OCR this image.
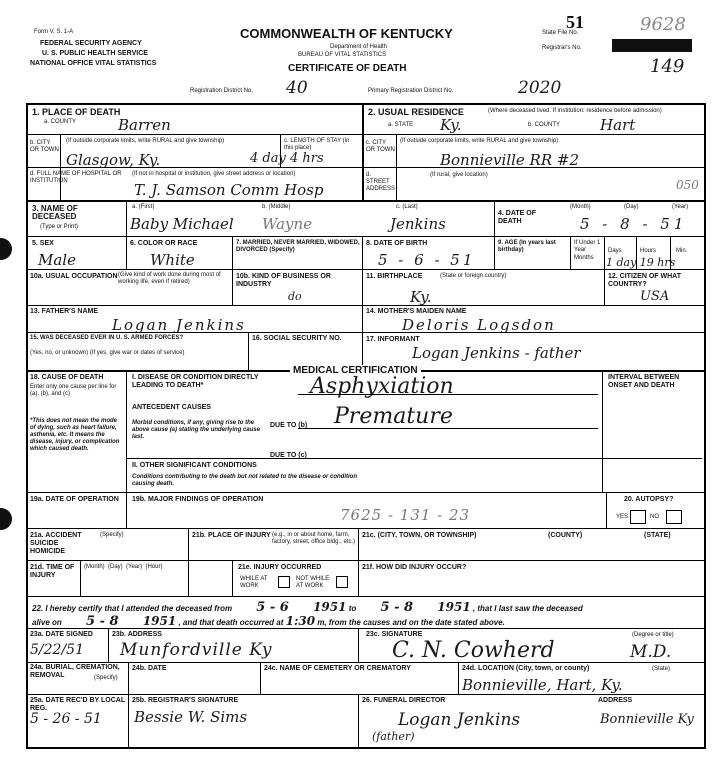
Form V. S. 1-A
FEDERAL SECURITY AGENCY
U. S. PUBLIC HEALTH SERVICE
NATIONAL OFFICE VITAL STATISTICS
COMMONWEALTH OF KENTUCKY
Department of Health
BUREAU OF VITAL STATISTICS
CERTIFICATE OF DEATH
51
State File No.	9628
Registrar's No.
149
Registration District No. 40	Primary Registration District No.	2020
1. PLACE OF DEATH
a. COUNTY	Barren
b. CITY OR TOWN
(If outside corporate limits, write RURAL and give township)
Glasgow, Ky.
c. LENGTH OF STAY (in this place)
4 day 4 hrs
d. FULL NAME OF HOSPITAL OR INSTITUTION
(If not in hospital or institution, give street address or location)
T. J. Samson Comm Hosp
2. USUAL RESIDENCE	(Where deceased lived. If institution: residence before admission)
a. STATE Ky.	b. COUNTY	Hart
c. CITY OR TOWN
(If outside corporate limits, write RURAL and give township)
Bonnieville RR #2
d. STREET ADDRESS
(If rural, give location)
050
3. NAME OF DECEASED
(Type or Print)
a. (First)	b. (Middle)	c. (Last)
Baby Michael Wayne	Jenkins
4. DATE OF DEATH
(Month)	(Day)	(Year)
5 - 8 - 51
5. SEX
Male
6. COLOR OR RACE
White
7. MARRIED, NEVER MARRIED, WIDOWED, DIVORCED (Specify)
8. DATE OF BIRTH
5 - 6 - 51
9. AGE (In years last birthday)
If Under 1 Year
Months
Days	Hours	Min.
1 day 19 hrs
10a. USUAL OCCUPATION (Give kind of work done during most of working life, even if retired)
10b. KIND OF BUSINESS OR INDUSTRY
do
11. BIRTHPLACE	(State or foreign country)
Ky.
12. CITIZEN OF WHAT COUNTRY?
USA
13. FATHER'S NAME
Logan Jenkins
14. MOTHER'S MAIDEN NAME
Deloris Logsdon
15. WAS DECEASED EVER IN U. S. ARMED FORCES?
(Yes, no, or unknown) (If yes, give war or dates of service)
16. SOCIAL SECURITY NO.	17. INFORMANT
Logan Jenkins - father
MEDICAL CERTIFICATION
18. CAUSE OF DEATH
Enter only one cause per line for (a), (b), and (c)
*This does not mean the mode of dying, such as heart failure, asthenia, etc. It means the disease, injury, or complication which caused death.
I. DISEASE OR CONDITION DIRECTLY LEADING TO DEATH*	Asphyxiation
ANTECEDENT CAUSES
Morbid conditions, if any, giving rise to the above cause (a) stating the underlying cause last.
DUE TO (b) Premature
DUE TO (c)
II. OTHER SIGNIFICANT CONDITIONS
Conditions contributing to the death but not related to the disease or condition causing death.
INTERVAL BETWEEN ONSET AND DEATH
19a. DATE OF OPERATION	19b. MAJOR FINDINGS OF OPERATION
7625 - 131 - 23
20. AUTOPSY?
YES	NO
21a. ACCIDENT SUICIDE HOMICIDE
(Specify)	21b. PLACE OF INJURY (e.g., in or about home, farm, factory, street, office bldg., etc.)
21c. (CITY, TOWN, OR TOWNSHIP)	(COUNTY)	(STATE)
21d. TIME OF INJURY
(Month)  (Day)  (Year)  (Hour)	21e. INJURY OCCURRED
WHILE AT WORK
NOT WHILE AT WORK
21f. HOW DID INJURY OCCUR?
22. I hereby certify that I attended the deceased from 5 - 6 1951 to 5 - 8 1951 , that I last saw the deceased
alive on 5 - 8 1951 , and that death occurred at 1:30 m, from the causes and on the date stated above.
23a. DATE SIGNED
5/22/51
23b. ADDRESS
Munfordville Ky
23c. SIGNATURE	(Degree or title)
C. N. Cowherd	M.D.
24a. BURIAL, CREMATION, REMOVAL	(Specify)
24b. DATE	24c. NAME OF CEMETERY OR CREMATORY	24d. LOCATION (City, town, or county)	(State)
Bonnieville, Hart, Ky.
25a. DATE REC'D BY LOCAL REG.
5 - 26 - 51
25b. REGISTRAR'S SIGNATURE
Bessie W. Sims
26. FUNERAL DIRECTOR	ADDRESS
Logan Jenkins
(father)
Bonnieville Ky
